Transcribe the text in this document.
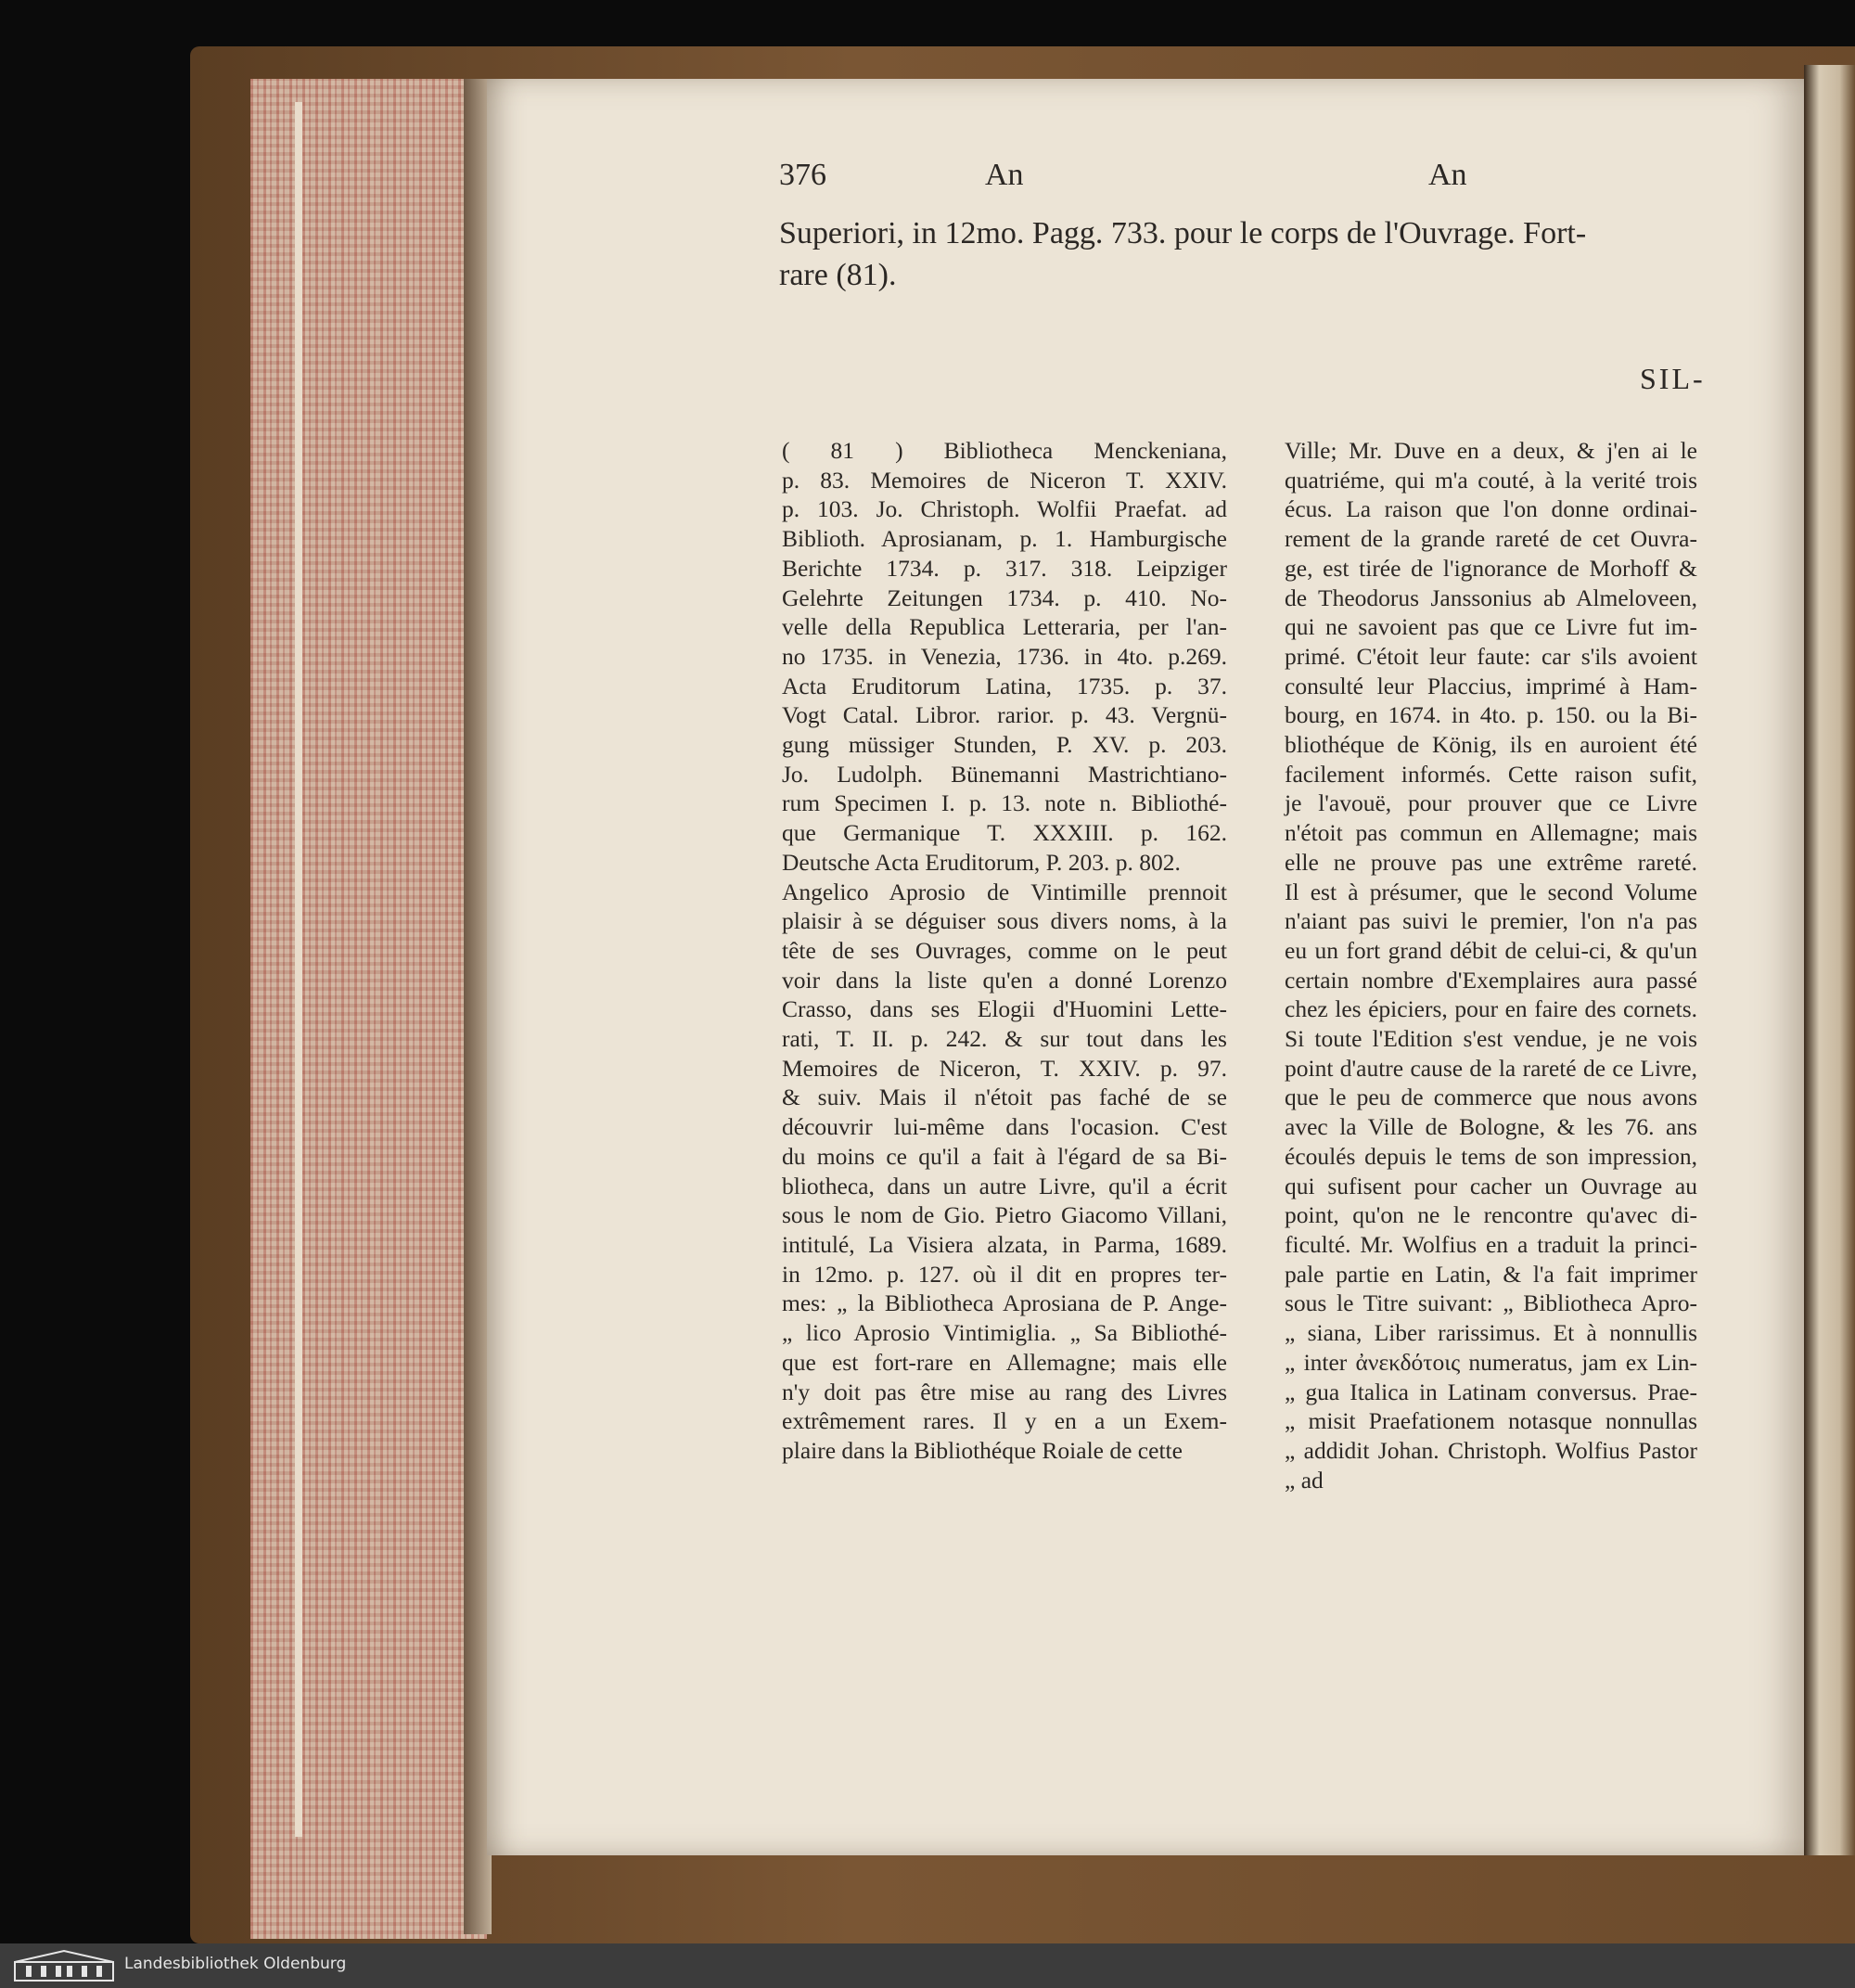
376	An	An
Superiori, in 12mo. Pagg. 733. pour le corps de l'Ouvrage. Fort-
rare (81).
SIL-
( 81 ) Bibliotheca Menckeniana,
p. 83. Memoires de Niceron T. XXIV.
p. 103. Jo. Christoph. Wolfii Praefat. ad
Biblioth. Aprosianam, p. 1. Hamburgische
Berichte 1734. p. 317. 318. Leipziger
Gelehrte Zeitungen 1734. p. 410. No-
velle della Republica Letteraria, per l'an-
no 1735. in Venezia, 1736. in 4to. p.269.
Acta Eruditorum Latina, 1735. p. 37.
Vogt Catal. Libror. rarior. p. 43. Vergnü-
gung müssiger Stunden, P. XV. p. 203.
Jo. Ludolph. Bünemanni Mastrichtiano-
rum Specimen I. p. 13. note n. Bibliothé-
que Germanique T. XXXIII. p. 162.
Deutsche Acta Eruditorum, P. 203. p. 802.
Angelico Aprosio de Vintimille prennoit
plaisir à se déguiser sous divers noms, à la
tête de ses Ouvrages, comme on le peut
voir dans la liste qu'en a donné Lorenzo
Crasso, dans ses Elogii d'Huomini Lette-
rati, T. II. p. 242. & sur tout dans les
Memoires de Niceron, T. XXIV. p. 97.
& suiv. Mais il n'étoit pas faché de se
découvrir lui-même dans l'ocasion. C'est
du moins ce qu'il a fait à l'égard de sa Bi-
bliotheca, dans un autre Livre, qu'il a écrit
sous le nom de Gio. Pietro Giacomo Villani,
intitulé, La Visiera alzata, in Parma, 1689.
in 12mo. p. 127. où il dit en propres ter-
mes: „ la Bibliotheca Aprosiana de P. Ange-
„ lico Aprosio Vintimiglia. „ Sa Bibliothé-
que est fort-rare en Allemagne; mais elle
n'y doit pas être mise au rang des Livres
extrêmement rares. Il y en a un Exem-
plaire dans la Bibliothéque Roiale de cette
Ville; Mr. Duve en a deux, & j'en ai le
quatriéme, qui m'a couté, à la verité trois
écus. La raison que l'on donne ordinai-
rement de la grande rareté de cet Ouvra-
ge, est tirée de l'ignorance de Morhoff &
de Theodorus Janssonius ab Almeloveen,
qui ne savoient pas que ce Livre fut im-
primé. C'étoit leur faute: car s'ils avoient
consulté leur Placcius, imprimé à Ham-
bourg, en 1674. in 4to. p. 150. ou la Bi-
bliothéque de König, ils en auroient été
facilement informés. Cette raison sufit,
je l'avouë, pour prouver que ce Livre
n'étoit pas commun en Allemagne; mais
elle ne prouve pas une extrême rareté.
Il est à présumer, que le second Volume
n'aiant pas suivi le premier, l'on n'a pas
eu un fort grand débit de celui-ci, & qu'un
certain nombre d'Exemplaires aura passé
chez les épiciers, pour en faire des cornets.
Si toute l'Edition s'est vendue, je ne vois
point d'autre cause de la rareté de ce Livre,
que le peu de commerce que nous avons
avec la Ville de Bologne, & les 76. ans
écoulés depuis le tems de son impression,
qui sufisent pour cacher un Ouvrage au
point, qu'on ne le rencontre qu'avec di-
ficulté. Mr. Wolfius en a traduit la princi-
pale partie en Latin, & l'a fait imprimer
sous le Titre suivant: „ Bibliotheca Apro-
„ siana, Liber rarissimus. Et à nonnullis
„ inter ἀνεκδότοις numeratus, jam ex Lin-
„ gua Italica in Latinam conversus. Prae-
„ misit Praefationem notasque nonnullas
„ addidit Johan. Christoph. Wolfius Pastor
„ ad
Landesbibliothek Oldenburg
